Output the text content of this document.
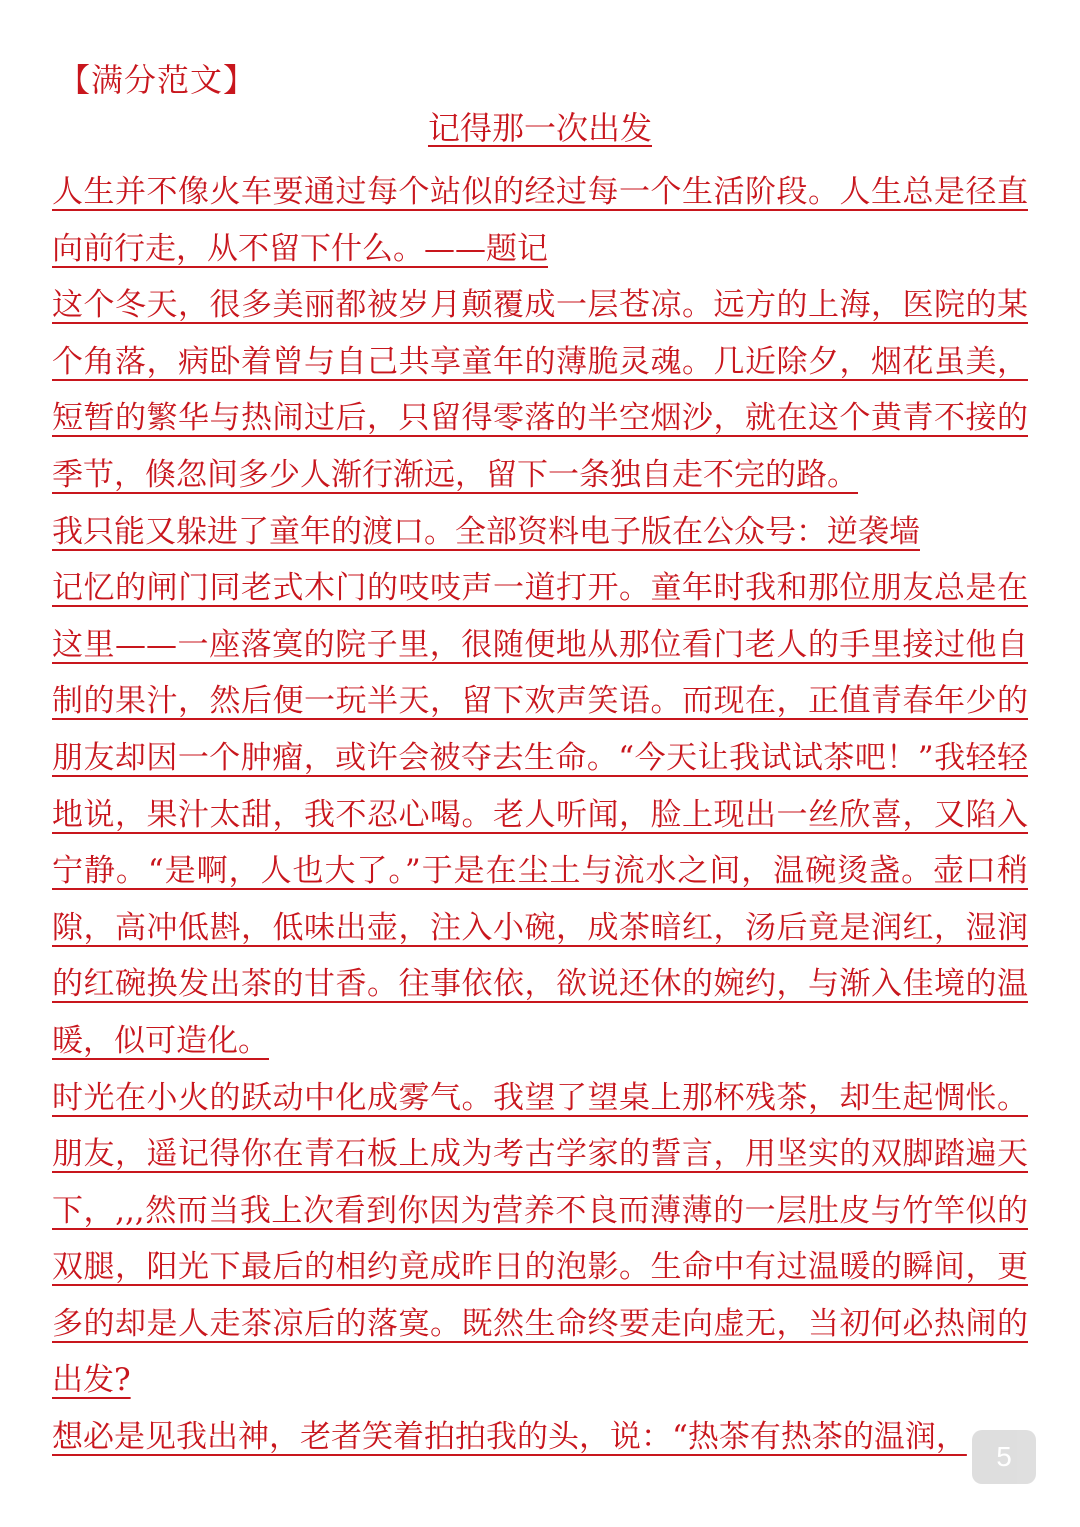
【满分范文】
记得那一次出发

人生并不像火车要通过每个站似的经过每一个生活阶段。人生总是径直向前行走，从不留下什么。——题记

这个冬天，很多美丽都被岁月颠覆成一层苍凉。远方的上海，医院的某个角落，病卧着曾与自己共享童年的薄脆灵魂。几近除夕，烟花虽美，短暂的繁华与热闹过后，只留得零落的半空烟沙，就在这个黄青不接的季节，倏忽间多少人渐行渐远，留下一条独自走不完的路。

我只能又躲进了童年的渡口。全部资料电子版在公众号：逆袭墙

记忆的闸门同老式木门的吱吱声一道打开。童年时我和那位朋友总是在这里——一座落寞的院子里，很随便地从那位看门老人的手里接过他自制的果汁，然后便一玩半天，留下欢声笑语。而现在，正值青春年少的朋友却因一个肿瘤，或许会被夺去生命。“今天让我试试茶吧！”我轻轻地说，果汁太甜，我不忍心喝。老人听闻，脸上现出一丝欣喜，又陷入宁静。“是啊，人也大了。”于是在尘土与流水之间，温碗烫盏。壶口稍隙，高冲低斟，低味出壶，注入小碗，成茶暗红，汤后竟是润红，湿润的红碗换发出茶的甘香。往事依依，欲说还休的婉约，与渐入佳境的温暖，似可造化。

时光在小火的跃动中化成雾气。我望了望桌上那杯残茶，却生起惆怅。朋友，遥记得你在青石板上成为考古学家的誓言，用坚实的双脚踏遍天下，,,,然而当我上次看到你因为营养不良而薄薄的一层肚皮与竹竿似的双腿，阳光下最后的相约竟成昨日的泡影。生命中有过温暖的瞬间，更多的却是人走茶凉后的落寞。既然生命终要走向虚无，当初何必热闹的出发?

想必是见我出神，老者笑着拍拍我的头，说：“热茶有热茶的温润，

5
